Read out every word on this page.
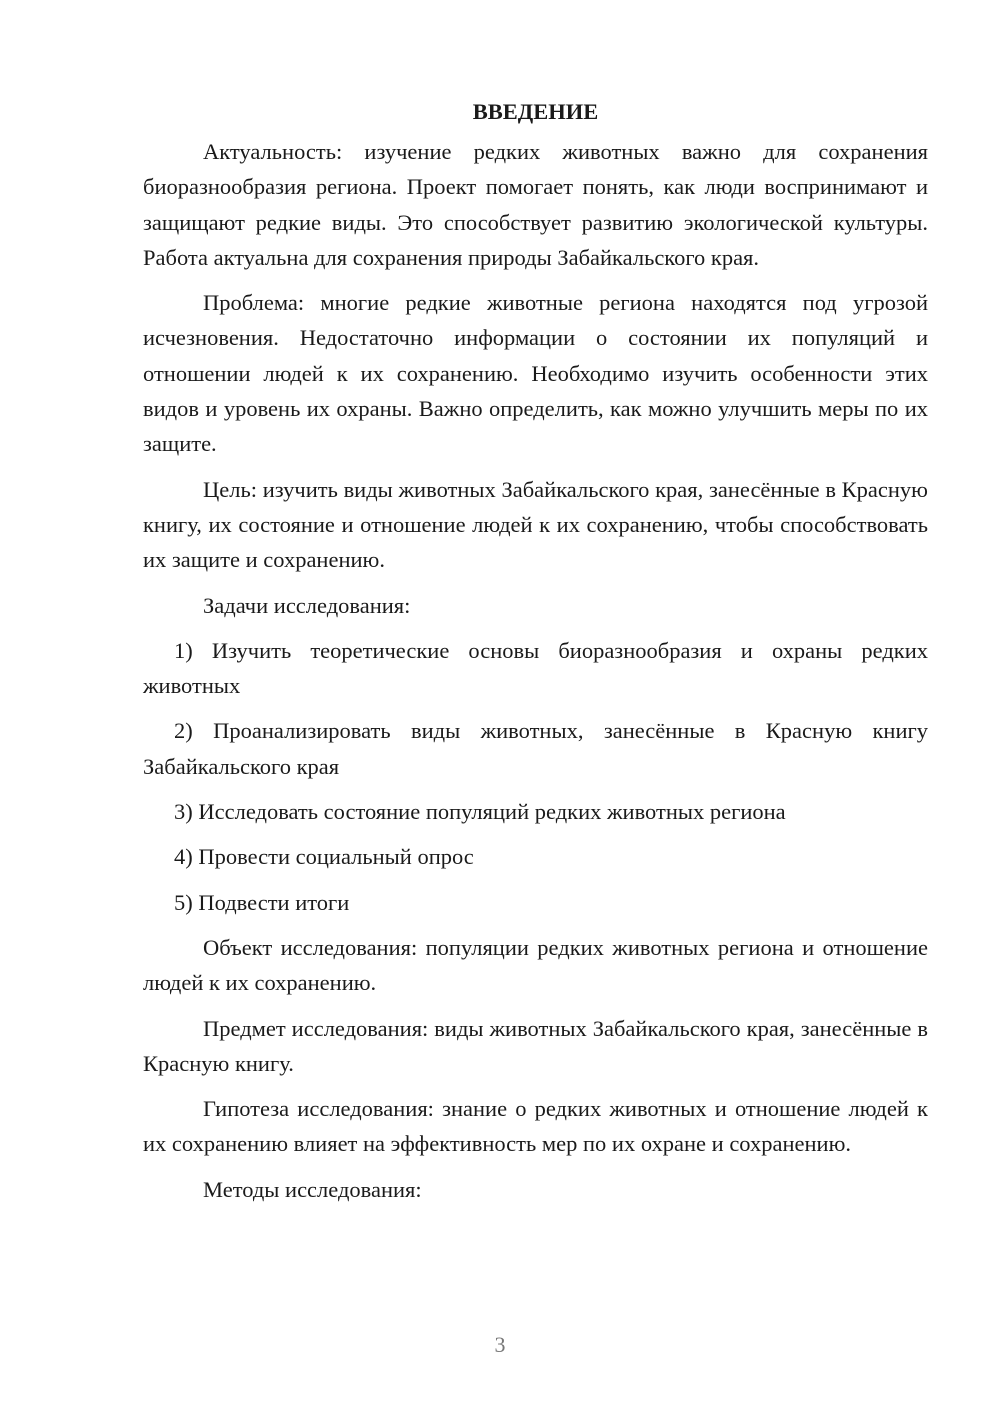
ВВЕДЕНИЕ

Актуальность: изучение редких животных важно для сохранения биоразнообразия региона. Проект помогает понять, как люди воспринимают и защищают редкие виды. Это способствует развитию экологической культуры. Работа актуальна для сохранения природы Забайкальского края.

Проблема: многие редкие животные региона находятся под угрозой исчезновения. Недостаточно информации о состоянии их популяций и отношении людей к их сохранению. Необходимо изучить особенности этих видов и уровень их охраны. Важно определить, как можно улучшить меры по их защите.

Цель: изучить виды животных Забайкальского края, занесённые в Красную книгу, их состояние и отношение людей к их сохранению, чтобы способствовать их защите и сохранению.

Задачи исследования:

1) Изучить теоретические основы биоразнообразия и охраны редких животных

2) Проанализировать виды животных, занесённые в Красную книгу Забайкальского края

3) Исследовать состояние популяций редких животных региона

4) Провести социальный опрос

5) Подвести итоги

Объект исследования: популяции редких животных региона и отношение людей к их сохранению.

Предмет исследования: виды животных Забайкальского края, занесённые в Красную книгу.

Гипотеза исследования: знание о редких животных и отношение людей к их сохранению влияет на эффективность мер по их охране и сохранению.

Методы исследования:

3
